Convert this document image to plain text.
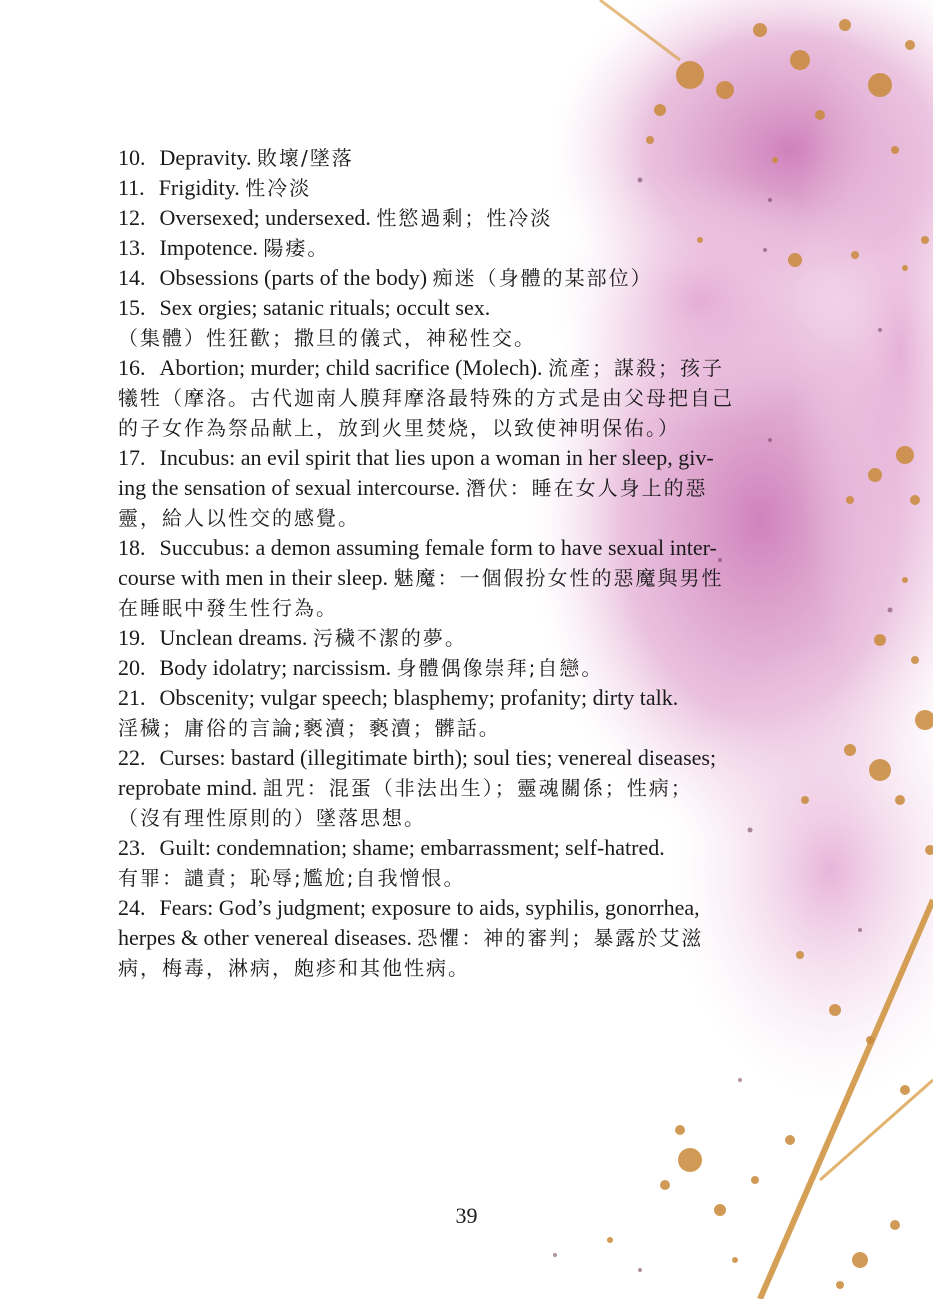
10. Depravity. 敗壞/墜落
11. Frigidity. 性冷淡
12. Oversexed; undersexed. 性慾過剩；性冷淡
13. Impotence. 陽痿。
14. Obsessions (parts of the body) 痴迷（身體的某部位）
15. Sex orgies; satanic rituals; occult sex.
（集體）性狂歡；撒旦的儀式，神秘性交。
16. Abortion; murder; child sacrifice (Molech). 流產；謀殺；孩子
犧牲（摩洛。古代迦南人膜拜摩洛最特殊的方式是由父母把自己
的子女作為祭品献上，放到火里焚烧，以致使神明保佑。）
17. Incubus: an evil spirit that lies upon a woman in her sleep, giv-
ing the sensation of sexual intercourse. 潛伏：睡在女人身上的惡
靈，給人以性交的感覺。
18. Succubus: a demon assuming female form to have sexual inter-
course with men in their sleep. 魅魔：一個假扮女性的惡魔與男性
在睡眠中發生性行為。
19. Unclean dreams. 污穢不潔的夢。
20. Body idolatry; narcissism. 身體偶像崇拜;自戀。
21. Obscenity; vulgar speech; blasphemy; profanity; dirty talk.
淫穢；庸俗的言論;褻瀆；褻瀆；髒話。
22. Curses: bastard (illegitimate birth); soul ties; venereal diseases;
reprobate mind. 詛咒：混蛋（非法出生）；靈魂關係；性病；
（沒有理性原則的）墜落思想。
23. Guilt: condemnation; shame; embarrassment; self-hatred.
有罪：譴責；恥辱;尷尬;自我憎恨。
24. Fears: God’s judgment; exposure to aids, syphilis, gonorrhea,
herpes & other venereal diseases. 恐懼：神的審判；暴露於艾滋
病，梅毒，淋病，皰疹和其他性病。
39
